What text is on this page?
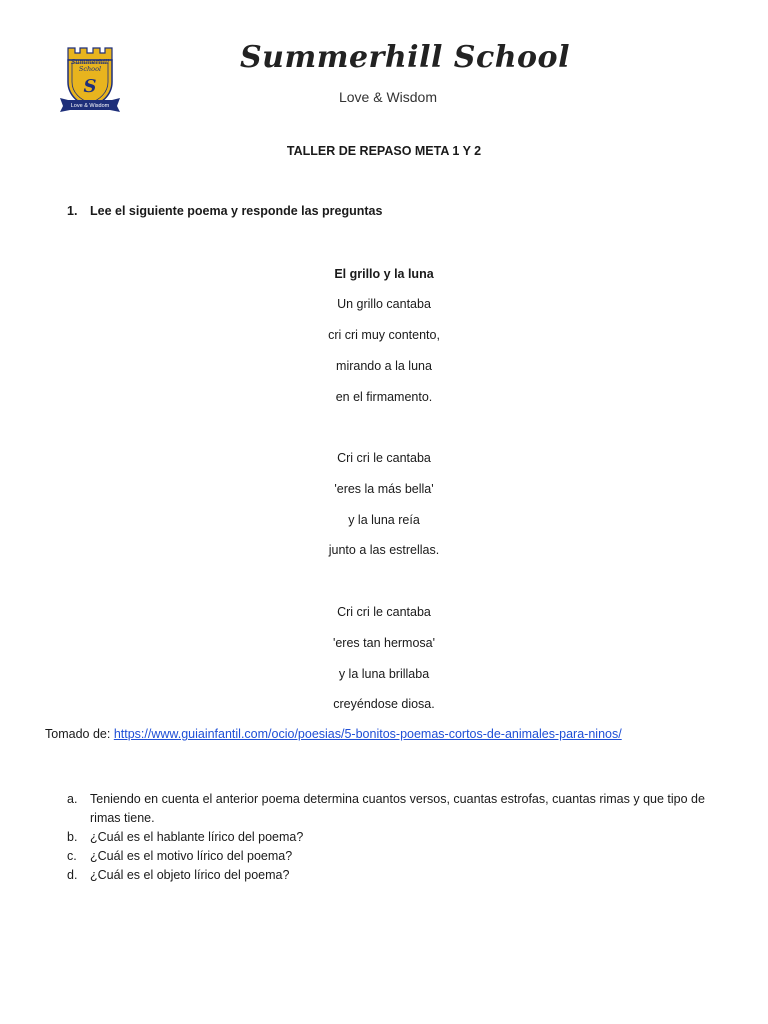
Summerhill
School
S
Love & Wisdom
Summerhill School
Love & Wisdom
TALLER DE REPASO META 1 Y 2
1. Lee el siguiente poema y responde las preguntas
El grillo y la luna
Un grillo cantaba
cri cri muy contento,
mirando a la luna
en el firmamento.
Cri cri le cantaba
'eres la más bella'
y la luna reía
junto a las estrellas.
Cri cri le cantaba
'eres tan hermosa'
y la luna brillaba
creyéndose diosa.
Tomado de: https://www.guiainfantil.com/ocio/poesias/5-bonitos-poemas-cortos-de-animales-para-ninos/
a.	Teniendo en cuenta el anterior poema determina cuantos versos, cuantas estrofas, cuantas rimas y que tipo de rimas tiene.
b.	¿Cuál es el hablante lírico del poema?
c.	¿Cuál es el motivo lírico del poema?
d.	¿Cuál es el objeto lírico del poema?
